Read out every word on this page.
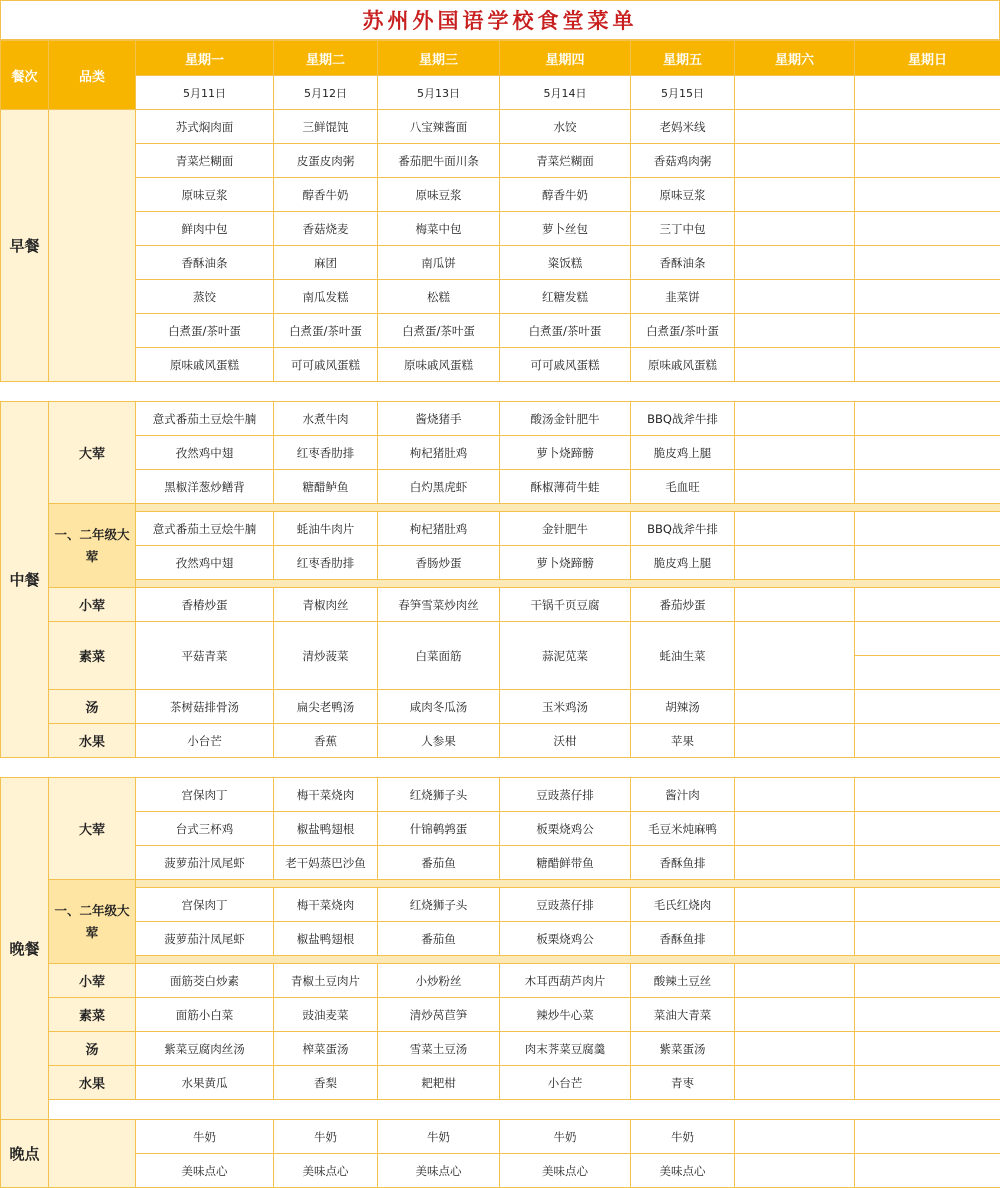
苏州外国语学校食堂菜单
餐次	品类	星期一	星期二	星期三	星期四	星期五	星期六	星期日
		5月11日	5月12日	5月13日	5月14日	5月15日		
早餐		苏式焖肉面	三鲜馄饨	八宝辣酱面	水饺	老妈米线		
		青菜烂糊面	皮蛋皮肉粥	番茄肥牛面川条	青菜烂糊面	香菇鸡肉粥		
		原味豆浆	醇香牛奶	原味豆浆	醇香牛奶	原味豆浆		
		鲜肉中包	香菇烧麦	梅菜中包	萝卜丝包	三丁中包		
		香酥油条	麻团	南瓜饼	粢饭糕	香酥油条		
		蒸饺	南瓜发糕	松糕	红糖发糕	韭菜饼		
		白煮蛋/茶叶蛋	白煮蛋/茶叶蛋	白煮蛋/茶叶蛋	白煮蛋/茶叶蛋	白煮蛋/茶叶蛋		
		原味戚风蛋糕	可可戚风蛋糕	原味戚风蛋糕	可可戚风蛋糕	原味戚风蛋糕		

中餐	大荤	意式番茄土豆烩牛腩	水煮牛肉	酱烧猪手	酸汤金针肥牛	BBQ战斧牛排		
		孜然鸡中翅	红枣香肋排	枸杞猪肚鸡	萝卜烧蹄髈	脆皮鸡上腿		
		黑椒洋葱炒鳝背	糖醋鲈鱼	白灼黑虎虾	酥椒薄荷牛蛙	毛血旺		
	一、二年级大荤							
		意式番茄土豆烩牛腩	蚝油牛肉片	枸杞猪肚鸡	金针肥牛	BBQ战斧牛排		
		孜然鸡中翅	红枣香肋排	香肠炒蛋	萝卜烧蹄髈	脆皮鸡上腿		

	小荤	香椿炒蛋	青椒肉丝	春笋雪菜炒肉丝	干锅千页豆腐	番茄炒蛋		
	素菜	平菇青菜	清炒菠菜	白菜面筋	蒜泥苋菜	蚝油生菜		

	汤	茶树菇排骨汤	扁尖老鸭汤	咸肉冬瓜汤	玉米鸡汤	胡辣汤		
	水果	小台芒	香蕉	人参果	沃柑	苹果		

晚餐	大荤	宫保肉丁	梅干菜烧肉	红烧狮子头	豆豉蒸仔排	酱汁肉		
		台式三杯鸡	椒盐鸭翅根	什锦鹌鹑蛋	板栗烧鸡公	毛豆米炖麻鸭		
		菠萝茄汁凤尾虾	老干妈蒸巴沙鱼	番茄鱼	糖醋鲜带鱼	香酥鱼排		
	一、二年级大荤							
		宫保肉丁	梅干菜烧肉	红烧狮子头	豆豉蒸仔排	毛氏红烧肉		
		菠萝茄汁凤尾虾	椒盐鸭翅根	番茄鱼	板栗烧鸡公	香酥鱼排		

	小荤	面筋茭白炒素	青椒土豆肉片	小炒粉丝	木耳西葫芦肉片	酸辣土豆丝		
	素菜	面筋小白菜	豉油麦菜	清炒莴苣笋	辣炒牛心菜	菜油大青菜		
	汤	紫菜豆腐肉丝汤	榨菜蛋汤	雪菜土豆汤	肉末荠菜豆腐羹	紫菜蛋汤		
	水果	水果黄瓜	香梨	耙耙柑	小台芒	青枣		

晚点		牛奶	牛奶	牛奶	牛奶	牛奶		
		美味点心	美味点心	美味点心	美味点心	美味点心		
